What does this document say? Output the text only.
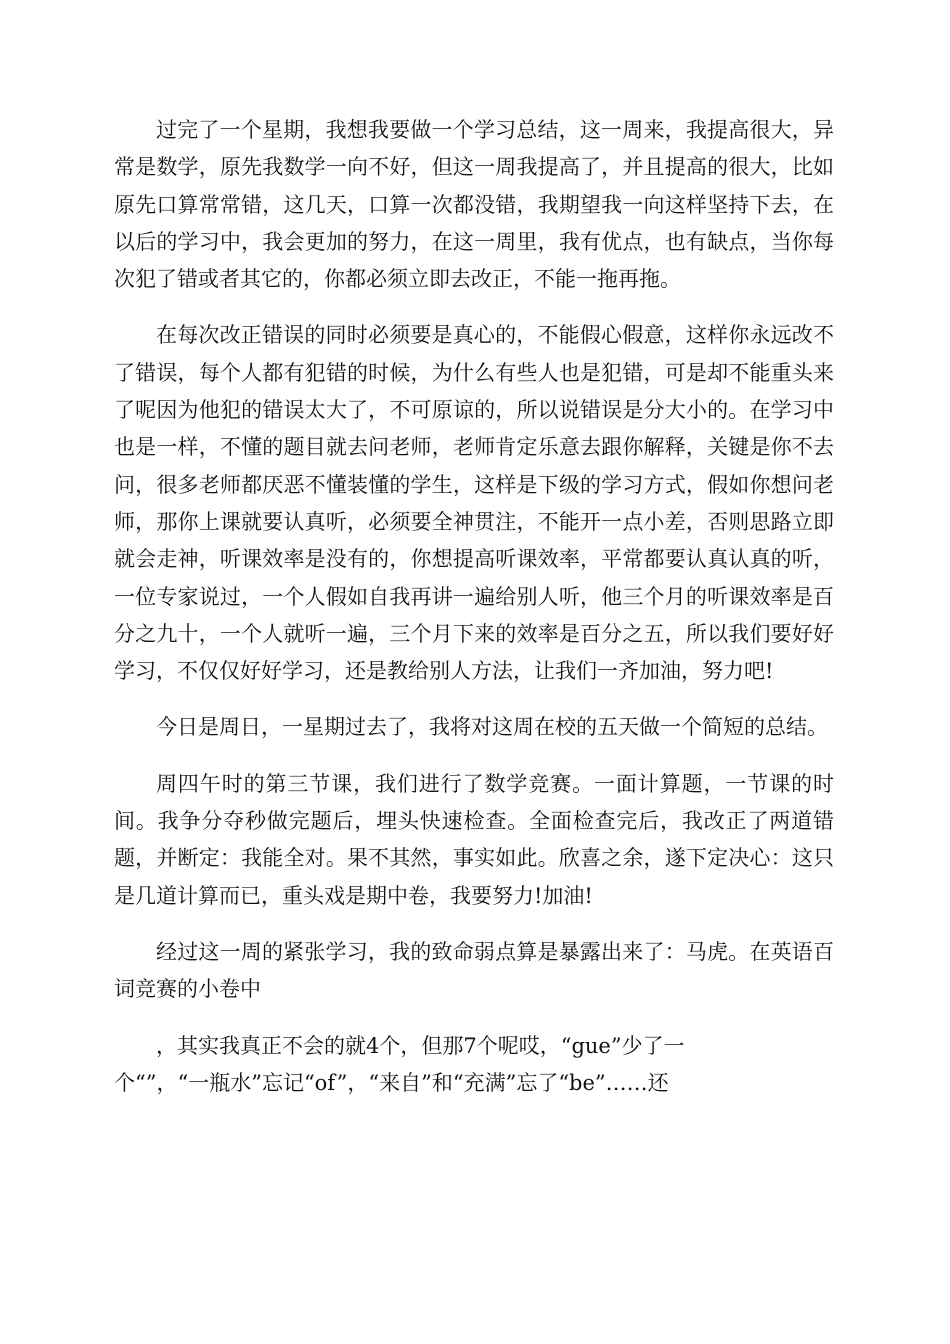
过完了一个星期，我想我要做一个学习总结，这一周来，我提高很大，异常是数学，原先我数学一向不好，但这一周我提高了，并且提高的很大，比如原先口算常常错，这几天，口算一次都没错，我期望我一向这样坚持下去，在以后的学习中，我会更加的努力，在这一周里，我有优点，也有缺点，当你每次犯了错或者其它的，你都必须立即去改正，不能一拖再拖。

在每次改正错误的同时必须要是真心的，不能假心假意，这样你永远改不了错误，每个人都有犯错的时候，为什么有些人也是犯错，可是却不能重头来了呢因为他犯的错误太大了，不可原谅的，所以说错误是分大小的。在学习中也是一样，不懂的题目就去问老师，老师肯定乐意去跟你解释，关键是你不去问，很多老师都厌恶不懂装懂的学生，这样是下级的学习方式，假如你想问老师，那你上课就要认真听，必须要全神贯注，不能开一点小差，否则思路立即就会走神，听课效率是没有的，你想提高听课效率，平常都要认真认真的听，一位专家说过，一个人假如自我再讲一遍给别人听，他三个月的听课效率是百分之九十，一个人就听一遍，三个月下来的效率是百分之五，所以我们要好好学习，不仅仅好好学习，还是教给别人方法，让我们一齐加油，努力吧!

今日是周日，一星期过去了，我将对这周在校的五天做一个简短的总结。

周四午时的第三节课，我们进行了数学竞赛。一面计算题，一节课的时间。我争分夺秒做完题后，埋头快速检查。全面检查完后，我改正了两道错题，并断定：我能全对。果不其然，事实如此。欣喜之余，遂下定决心：这只是几道计算而已，重头戏是期中卷，我要努力!加油!

经过这一周的紧张学习，我的致命弱点算是暴露出来了：马虎。在英语百词竞赛的小卷中

，其实我真正不会的就4个，但那7个呢哎，“gue”少了一

个“”，“一瓶水”忘记“of”，“来自”和“充满”忘了“be”……还
